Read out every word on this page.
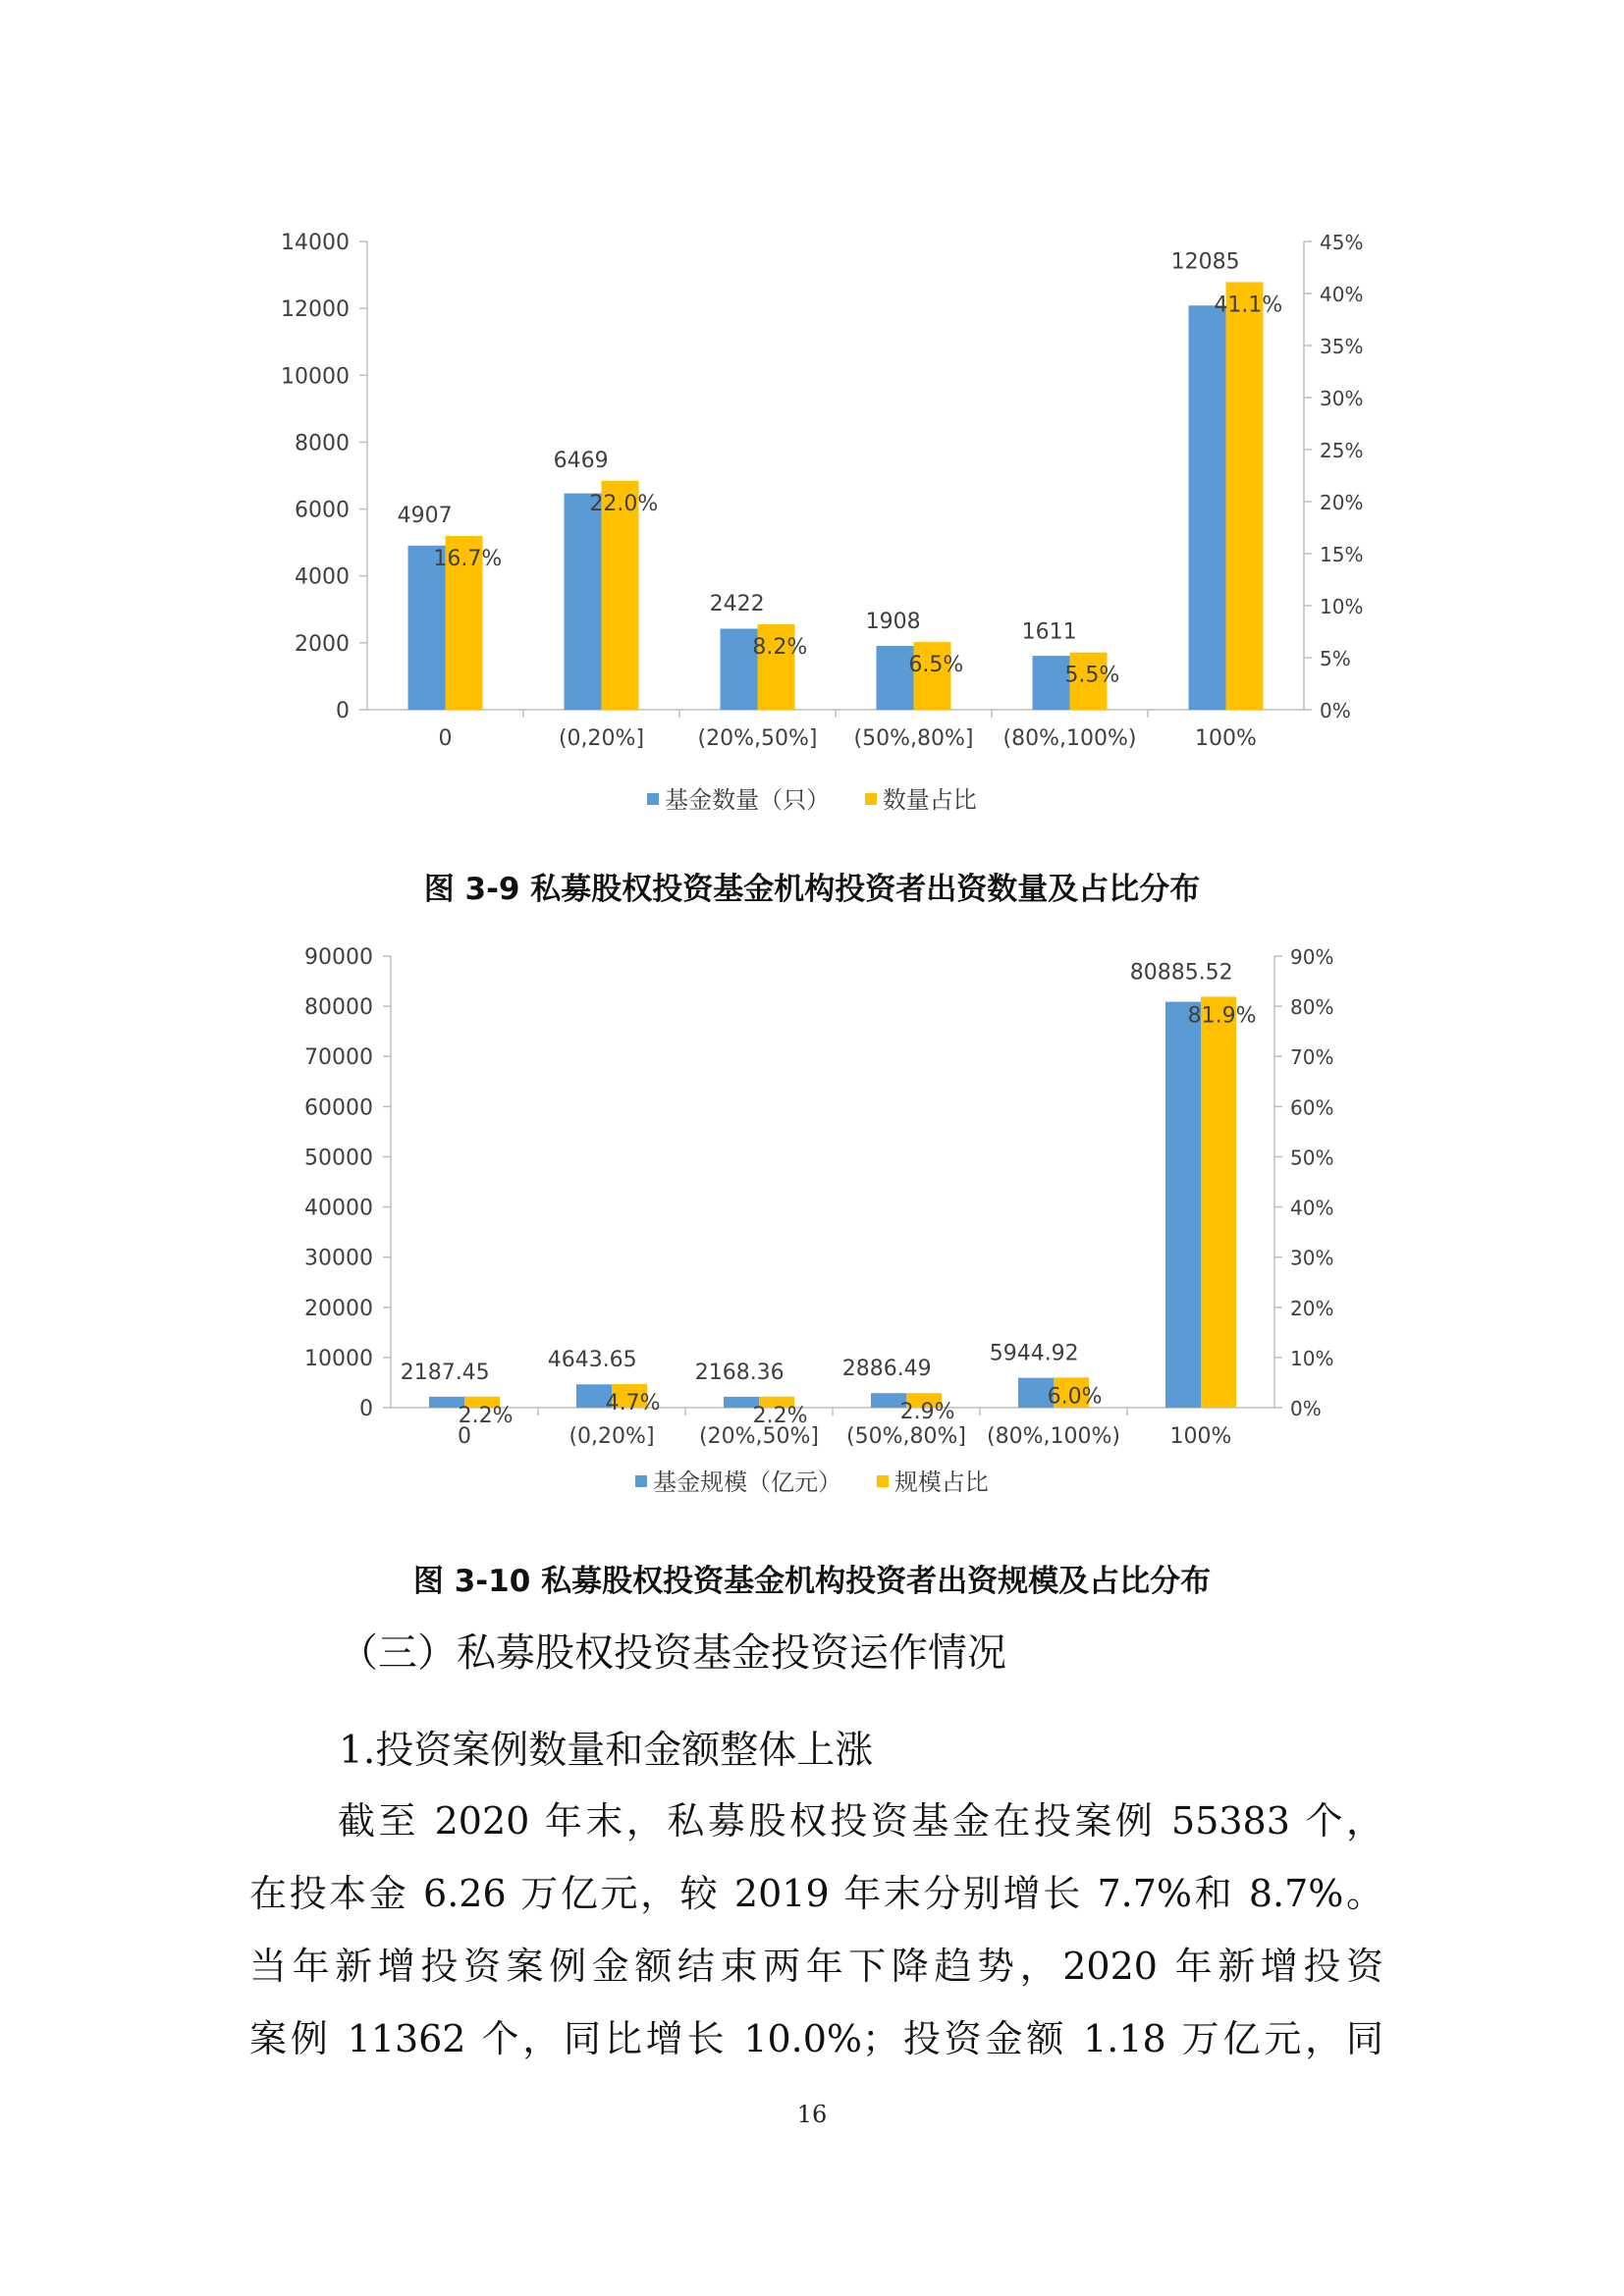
0
2000
4000
6000
8000
10000
12000
14000
0%
5%
10%
15%
20%
25%
30%
35%
40%
45%
0
4907
16.7%
(0,20%]
6469
22.0%
(20%,50%]
2422
8.2%
(50%,80%]
1908
6.5%
(80%,100%)
1611
5.5%
100%
12085
41.1%
基金数量（只） 数量占比
图 3-9 私募股权投资基金机构投资者出资数量及占比分布
0
10000
20000
30000
40000
50000
60000
70000
80000
90000
0%
10%
20%
30%
40%
50%
60%
70%
80%
90%
0
2187.45
2.2%
(0,20%]
4643.65
4.7%
(20%,50%]
2168.36
2.2%
(50%,80%]
2886.49
2.9%
(80%,100%)
5944.92
6.0%
100%
80885.52
81.9%
基金规模（亿元） 规模占比
图 3-10 私募股权投资基金机构投资者出资规模及占比分布
（三）私募股权投资基金投资运作情况
1.投资案例数量和金额整体上涨
截至 2020 年末，私募股权投资基金在投案例 55383 个，
在投本金 6.26 万亿元，较 2019 年末分别增长 7.7%和 8.7%。
当年新增投资案例金额结束两年下降趋势，2020 年新增投资
案例 11362 个，同比增长 10.0%；投资金额 1.18 万亿元，同
16
